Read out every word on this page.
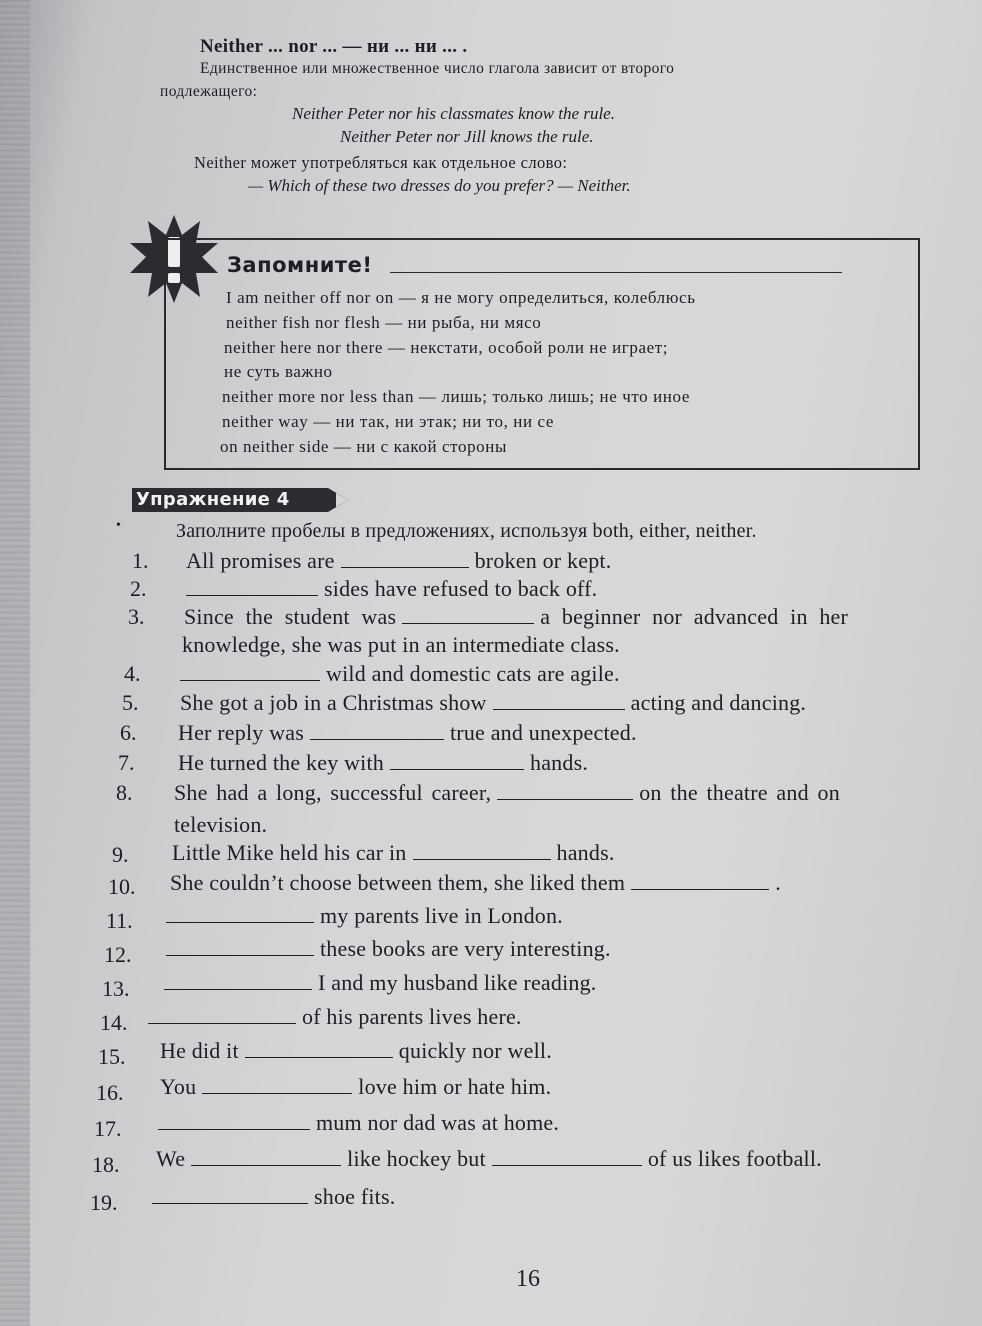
Neither ... nor ... — ни ... ни ... .
Единственное или множественное число глагола зависит от второго
подлежащего:
Neither Peter nor his classmates know the rule.
Neither Peter nor Jill knows the rule.
Neither может употребляться как отдельное слово:
— Which of these two dresses do you prefer? — Neither.
Запомните!
I am neither off nor on — я не могу определиться, колеблюсь
neither fish nor flesh — ни рыба, ни мясо
neither here nor there — некстати, особой роли не играет;
не суть важно
neither more nor less than — лишь; только лишь; не что иное
neither way — ни так, ни этак; ни то, ни се
on neither side — ни с какой стороны
Упражнение 4
•	Заполните пробелы в предложениях, используя both, either, neither.
1. All promises are	broken or kept.
2.	sides have refused to back off.
3. Since the student was	a beginner nor advanced in her
knowledge, she was put in an intermediate class.
4.	wild and domestic cats are agile.
5. She got a job in a Christmas show	acting and dancing.
6. Her reply was	true and unexpected.
7. He turned the key with	hands.
8. She had a long, successful career,	on the theatre and on
television.
9. Little Mike held his car in	hands.
10. She couldn’t choose between them, she liked them	.
11.	my parents live in London.
12.	these books are very interesting.
13.	I and my husband like reading.
14.	of his parents lives here.
15. He did it	quickly nor well.
16. You	love him or hate him.
17.	mum nor dad was at home.
18. We	like hockey but	of us likes football.
19.	shoe fits.
16
